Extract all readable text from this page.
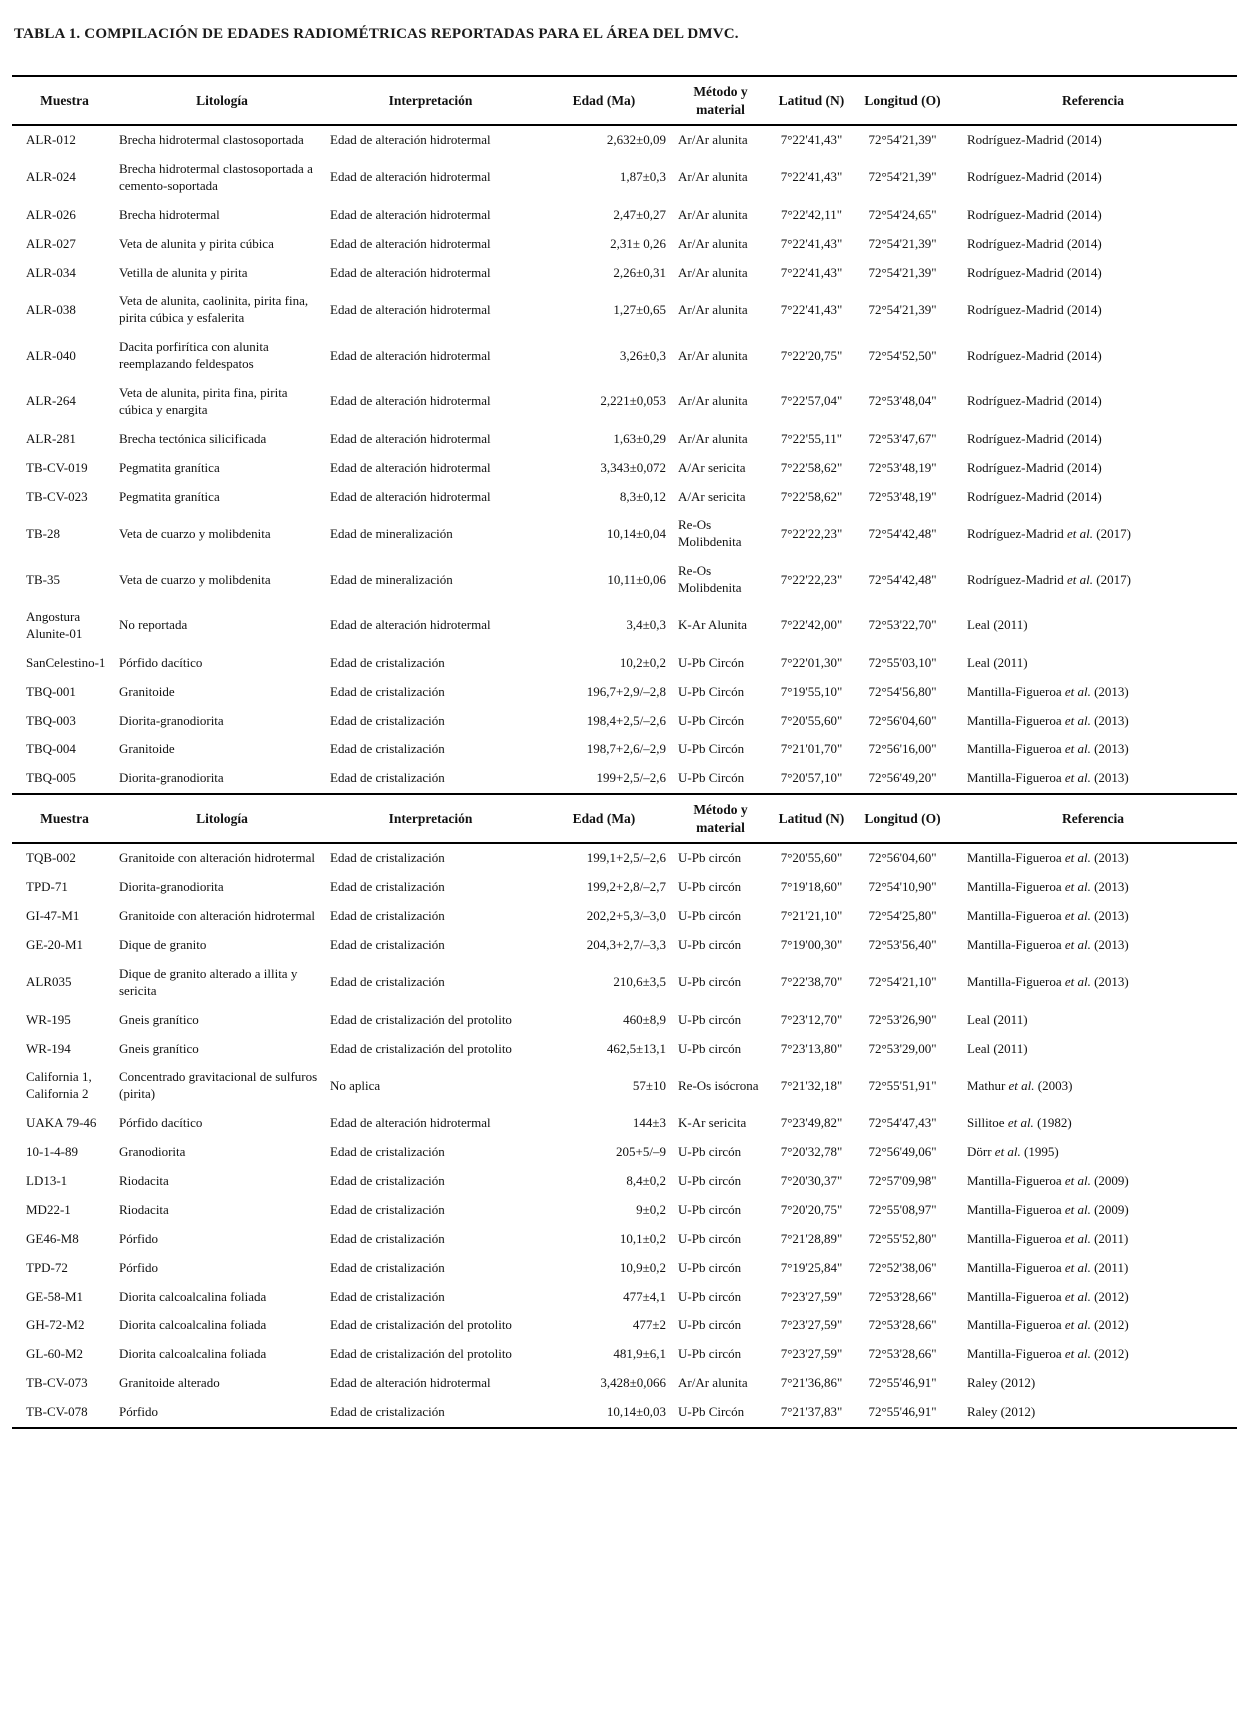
TABLA 1. COMPILACIÓN DE EDADES RADIOMÉTRICAS REPORTADAS PARA EL ÁREA DEL DMVC.

Muestra	Litología	Interpretación	Edad (Ma)	Método y material	Latitud (N)	Longitud (O)	Referencia
ALR-012	Brecha hidrotermal clastosoportada	Edad de alteración hidrotermal	2,632±0,09	Ar/Ar alunita	7°22'41,43"	72°54'21,39"	Rodríguez-Madrid (2014)
ALR-024	Brecha hidrotermal clastosoportada a cemento-soportada	Edad de alteración hidrotermal	1,87±0,3	Ar/Ar alunita	7°22'41,43"	72°54'21,39"	Rodríguez-Madrid (2014)
ALR-026	Brecha hidrotermal	Edad de alteración hidrotermal	2,47±0,27	Ar/Ar alunita	7°22'42,11"	72°54'24,65"	Rodríguez-Madrid (2014)
ALR-027	Veta de alunita y pirita cúbica	Edad de alteración hidrotermal	2,31± 0,26	Ar/Ar alunita	7°22'41,43"	72°54'21,39"	Rodríguez-Madrid (2014)
ALR-034	Vetilla de alunita y pirita	Edad de alteración hidrotermal	2,26±0,31	Ar/Ar alunita	7°22'41,43"	72°54'21,39"	Rodríguez-Madrid (2014)
ALR-038	Veta de alunita, caolinita, pirita fina, pirita cúbica y esfalerita	Edad de alteración hidrotermal	1,27±0,65	Ar/Ar alunita	7°22'41,43"	72°54'21,39"	Rodríguez-Madrid (2014)
ALR-040	Dacita porfirítica con alunita reemplazando feldespatos	Edad de alteración hidrotermal	3,26±0,3	Ar/Ar alunita	7°22'20,75"	72°54'52,50"	Rodríguez-Madrid (2014)
ALR-264	Veta de alunita, pirita fina, pirita cúbica y enargita	Edad de alteración hidrotermal	2,221±0,053	Ar/Ar alunita	7°22'57,04"	72°53'48,04"	Rodríguez-Madrid (2014)
ALR-281	Brecha tectónica silicificada	Edad de alteración hidrotermal	1,63±0,29	Ar/Ar alunita	7°22'55,11"	72°53'47,67"	Rodríguez-Madrid (2014)
TB-CV-019	Pegmatita granítica	Edad de alteración hidrotermal	3,343±0,072	A/Ar sericita	7°22'58,62"	72°53'48,19"	Rodríguez-Madrid (2014)
TB-CV-023	Pegmatita granítica	Edad de alteración hidrotermal	8,3±0,12	A/Ar sericita	7°22'58,62"	72°53'48,19"	Rodríguez-Madrid (2014)
TB-28	Veta de cuarzo y molibdenita	Edad de mineralización	10,14±0,04	Re-Os Molibdenita	7°22'22,23"	72°54'42,48"	Rodríguez-Madrid et al. (2017)
TB-35	Veta de cuarzo y molibdenita	Edad de mineralización	10,11±0,06	Re-Os Molibdenita	7°22'22,23"	72°54'42,48"	Rodríguez-Madrid et al. (2017)
Angostura Alunite-01	No reportada	Edad de alteración hidrotermal	3,4±0,3	K-Ar Alunita	7°22'42,00"	72°53'22,70"	Leal (2011)
SanCelestino-1	Pórfido dacítico	Edad de cristalización	10,2±0,2	U-Pb Circón	7°22'01,30"	72°55'03,10"	Leal (2011)
TBQ-001	Granitoide	Edad de cristalización	196,7+2,9/–2,8	U-Pb Circón	7°19'55,10"	72°54'56,80"	Mantilla-Figueroa et al. (2013)
TBQ-003	Diorita-granodiorita	Edad de cristalización	198,4+2,5/–2,6	U-Pb Circón	7°20'55,60"	72°56'04,60"	Mantilla-Figueroa et al. (2013)
TBQ-004	Granitoide	Edad de cristalización	198,7+2,6/–2,9	U-Pb Circón	7°21'01,70"	72°56'16,00"	Mantilla-Figueroa et al. (2013)
TBQ-005	Diorita-granodiorita	Edad de cristalización	199+2,5/–2,6	U-Pb Circón	7°20'57,10"	72°56'49,20"	Mantilla-Figueroa et al. (2013)
Muestra	Litología	Interpretación	Edad (Ma)	Método y material	Latitud (N)	Longitud (O)	Referencia
TQB-002	Granitoide con alteración hidrotermal	Edad de cristalización	199,1+2,5/–2,6	U-Pb circón	7°20'55,60"	72°56'04,60"	Mantilla-Figueroa et al. (2013)
TPD-71	Diorita-granodiorita	Edad de cristalización	199,2+2,8/–2,7	U-Pb circón	7°19'18,60"	72°54'10,90"	Mantilla-Figueroa et al. (2013)
GI-47-M1	Granitoide con alteración hidrotermal	Edad de cristalización	202,2+5,3/–3,0	U-Pb circón	7°21'21,10"	72°54'25,80"	Mantilla-Figueroa et al. (2013)
GE-20-M1	Dique de granito	Edad de cristalización	204,3+2,7/–3,3	U-Pb circón	7°19'00,30"	72°53'56,40"	Mantilla-Figueroa et al. (2013)
ALR035	Dique de granito alterado a illita y sericita	Edad de cristalización	210,6±3,5	U-Pb circón	7°22'38,70"	72°54'21,10"	Mantilla-Figueroa et al. (2013)
WR-195	Gneis granítico	Edad de cristalización del protolito	460±8,9	U-Pb circón	7°23'12,70"	72°53'26,90"	Leal (2011)
WR-194	Gneis granítico	Edad de cristalización del protolito	462,5±13,1	U-Pb circón	7°23'13,80"	72°53'29,00"	Leal (2011)
California 1, California 2	Concentrado gravitacional de sulfuros (pirita)	No aplica	57±10	Re-Os isócrona	7°21'32,18"	72°55'51,91"	Mathur et al. (2003)
UAKA 79-46	Pórfido dacítico	Edad de alteración hidrotermal	144±3	K-Ar sericita	7°23'49,82"	72°54'47,43"	Sillitoe et al. (1982)
10-1-4-89	Granodiorita	Edad de cristalización	205+5/–9	U-Pb circón	7°20'32,78"	72°56'49,06"	Dörr et al. (1995)
LD13-1	Riodacita	Edad de cristalización	8,4±0,2	U-Pb circón	7°20'30,37"	72°57'09,98"	Mantilla-Figueroa et al. (2009)
MD22-1	Riodacita	Edad de cristalización	9±0,2	U-Pb circón	7°20'20,75"	72°55'08,97"	Mantilla-Figueroa et al. (2009)
GE46-M8	Pórfido	Edad de cristalización	10,1±0,2	U-Pb circón	7°21'28,89"	72°55'52,80"	Mantilla-Figueroa et al. (2011)
TPD-72	Pórfido	Edad de cristalización	10,9±0,2	U-Pb circón	7°19'25,84"	72°52'38,06"	Mantilla-Figueroa et al. (2011)
GE-58-M1	Diorita calcoalcalina foliada	Edad de cristalización	477±4,1	U-Pb circón	7°23'27,59"	72°53'28,66"	Mantilla-Figueroa et al. (2012)
GH-72-M2	Diorita calcoalcalina foliada	Edad de cristalización del protolito	477±2	U-Pb circón	7°23'27,59"	72°53'28,66"	Mantilla-Figueroa et al. (2012)
GL-60-M2	Diorita calcoalcalina foliada	Edad de cristalización del protolito	481,9±6,1	U-Pb circón	7°23'27,59"	72°53'28,66"	Mantilla-Figueroa et al. (2012)
TB-CV-073	Granitoide alterado	Edad de alteración hidrotermal	3,428±0,066	Ar/Ar alunita	7°21'36,86"	72°55'46,91"	Raley (2012)
TB-CV-078	Pórfido	Edad de cristalización	10,14±0,03	U-Pb Circón	7°21'37,83"	72°55'46,91"	Raley (2012)
